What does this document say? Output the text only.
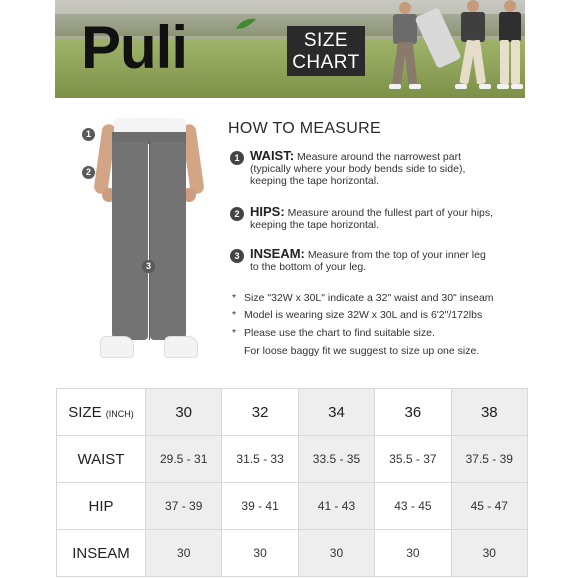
Puli	SIZE
CHART
1
2
3
HOW TO MEASURE
1 WAIST: Measure around the narrowest part
(typically where your body bends side to side),
keeping the tape horizontal.
2 HIPS: Measure around the fullest part of your hips,
keeping the tape horizontal.
3 INSEAM: Measure from the top of your inner leg
to the bottom of your leg.
* Size "32W x 30L" indicate a 32" waist and 30" inseam
* Model is wearing size 32W x 30L and is 6'2"/172lbs
* Please use the chart to find suitable size.
For loose baggy fit we suggest to size up one size.
SIZE (INCH)	30	32	34	36	38
WAIST	29.5 - 31	31.5 - 33	33.5 - 35	35.5 - 37	37.5 - 39
HIP	37 - 39	39 - 41	41 - 43	43 - 45	45 - 47
INSEAM	30	30	30	30	30
